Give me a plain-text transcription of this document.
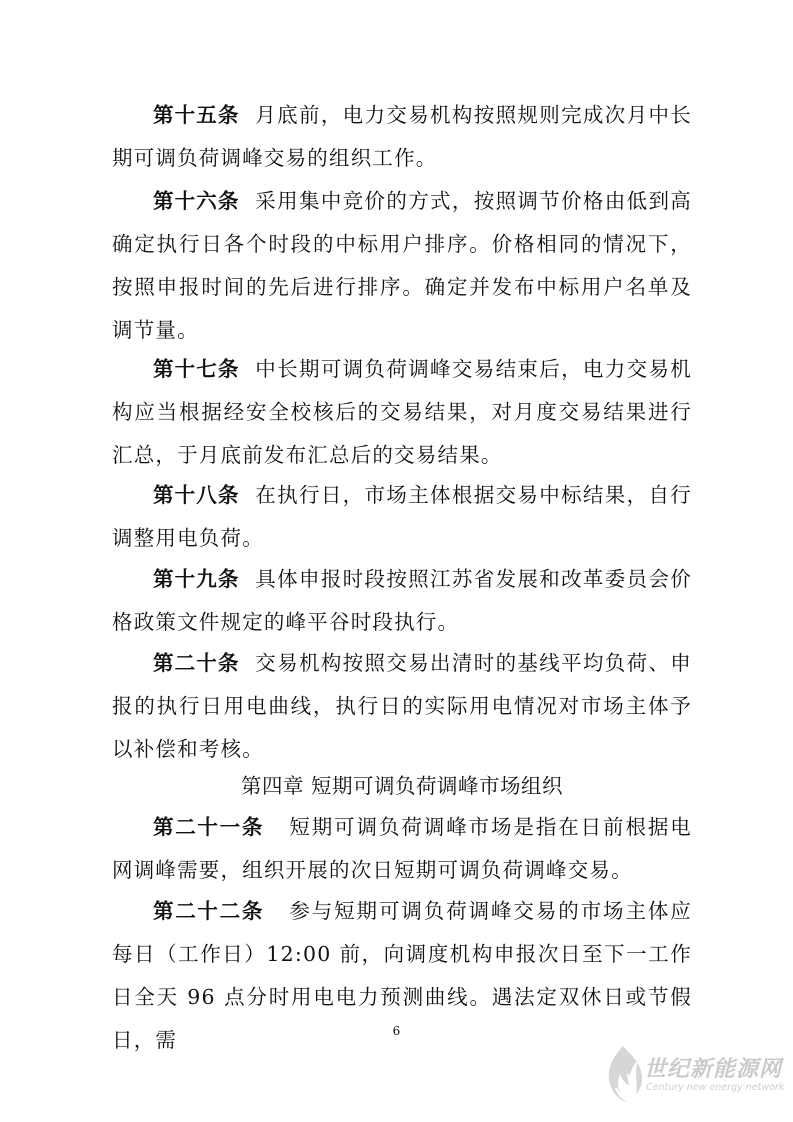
第十五条 月底前，电力交易机构按照规则完成次月中长期可调负荷调峰交易的组织工作。

第十六条 采用集中竞价的方式，按照调节价格由低到高确定执行日各个时段的中标用户排序。价格相同的情况下，按照申报时间的先后进行排序。确定并发布中标用户名单及调节量。

第十七条 中长期可调负荷调峰交易结束后，电力交易机构应当根据经安全校核后的交易结果，对月度交易结果进行汇总，于月底前发布汇总后的交易结果。

第十八条 在执行日，市场主体根据交易中标结果，自行调整用电负荷。

第十九条 具体申报时段按照江苏省发展和改革委员会价格政策文件规定的峰平谷时段执行。

第二十条 交易机构按照交易出清时的基线平均负荷、申报的执行日用电曲线，执行日的实际用电情况对市场主体予以补偿和考核。

第四章 短期可调负荷调峰市场组织

第二十一条 短期可调负荷调峰市场是指在日前根据电网调峰需要，组织开展的次日短期可调负荷调峰交易。

第二十二条 参与短期可调负荷调峰交易的市场主体应每日（工作日）12:00 前，向调度机构申报次日至下一工作日全天 96 点分时用电电力预测曲线。遇法定双休日或节假日，需	6
世纪新能源网
Century new energy network
